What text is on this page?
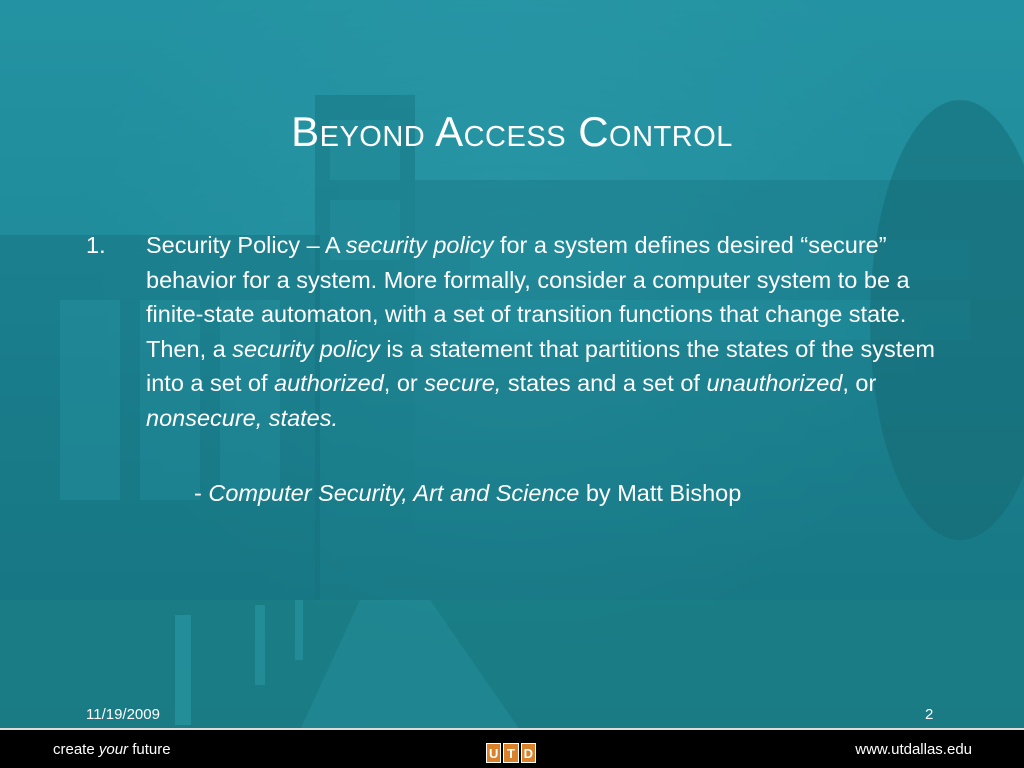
Beyond Access Control
1.	Security Policy – A security policy for a system defines desired “secure” behavior for a system. More formally, consider a computer system to be a finite-state automaton, with a set of transition functions that change state. Then, a security policy is a statement that partitions the states of the system into a set of authorized, or secure, states and a set of unauthorized, or nonsecure, states.
- Computer Security, Art and Science by Matt Bishop
11/19/2009	2
create your future	U T D	www.utdallas.edu
